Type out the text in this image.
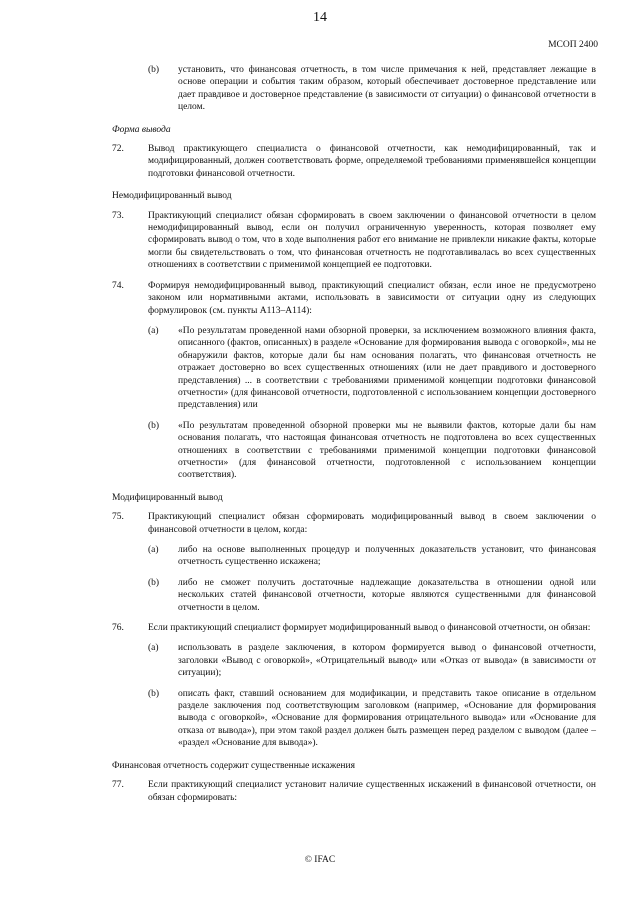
14
МСОП 2400
(b)	установить, что финансовая отчетность, в том числе примечания к ней, представляет лежащие в основе операции и события таким образом, который обеспечивает достоверное представление или дает правдивое и достоверное представление (в зависимости от ситуации) о финансовой отчетности в целом.
Форма вывода
72.	Вывод практикующего специалиста о финансовой отчетности, как немодифицированный, так и модифицированный, должен соответствовать форме, определяемой требованиями применявшейся концепции подготовки финансовой отчетности.
Немодифицированный вывод
73.	Практикующий специалист обязан сформировать в своем заключении о финансовой отчетности в целом немодифицированный вывод, если он получил ограниченную уверенность, которая позволяет ему сформировать вывод о том, что в ходе выполнения работ его внимание не привлекли никакие факты, которые могли бы свидетельствовать о том, что финансовая отчетность не подготавливалась во всех существенных отношениях в соответствии с применимой концепцией ее подготовки.
74.	Формируя немодифицированный вывод, практикующий специалист обязан, если иное не предусмотрено законом или нормативными актами, использовать в зависимости от ситуации одну из следующих формулировок (см. пункты А113–А114):
(a)	«По результатам проведенной нами обзорной проверки, за исключением возможного влияния факта, описанного (фактов, описанных) в разделе «Основание для формирования вывода с оговоркой», мы не обнаружили фактов, которые дали бы нам основания полагать, что финансовая отчетность не отражает достоверно во всех существенных отношениях (или не дает правдивого и достоверного представления) ... в соответствии с требованиями применимой концепции подготовки финансовой отчетности» (для финансовой отчетности, подготовленной с использованием концепции достоверного представления) или
(b)	«По результатам проведенной обзорной проверки мы не выявили фактов, которые дали бы нам основания полагать, что настоящая финансовая отчетность не подготовлена во всех существенных отношениях в соответствии с требованиями применимой концепции подготовки финансовой отчетности» (для финансовой отчетности, подготовленной с использованием концепции соответствия).
Модифицированный вывод
75.	Практикующий специалист обязан сформировать модифицированный вывод в своем заключении о финансовой отчетности в целом, когда:
(a)	либо на основе выполненных процедур и полученных доказательств установит, что финансовая отчетность существенно искажена;
(b)	либо не сможет получить достаточные надлежащие доказательства в отношении одной или нескольких статей финансовой отчетности, которые являются существенными для финансовой отчетности в целом.
76.	Если практикующий специалист формирует модифицированный вывод о финансовой отчетности, он обязан:
(a)	использовать в разделе заключения, в котором формируется вывод о финансовой отчетности, заголовки «Вывод с оговоркой», «Отрицательный вывод» или «Отказ от вывода» (в зависимости от ситуации);
(b)	описать факт, ставший основанием для модификации, и представить такое описание в отдельном разделе заключения под соответствующим заголовком (например, «Основание для формирования вывода с оговоркой», «Основание для формирования отрицательного вывода» или «Основание для отказа от вывода»), при этом такой раздел должен быть размещен перед разделом с выводом (далее – «раздел «Основание для вывода»).
Финансовая отчетность содержит существенные искажения
77.	Если практикующий специалист установит наличие существенных искажений в финансовой отчетности, он обязан сформировать:
© IFAC
